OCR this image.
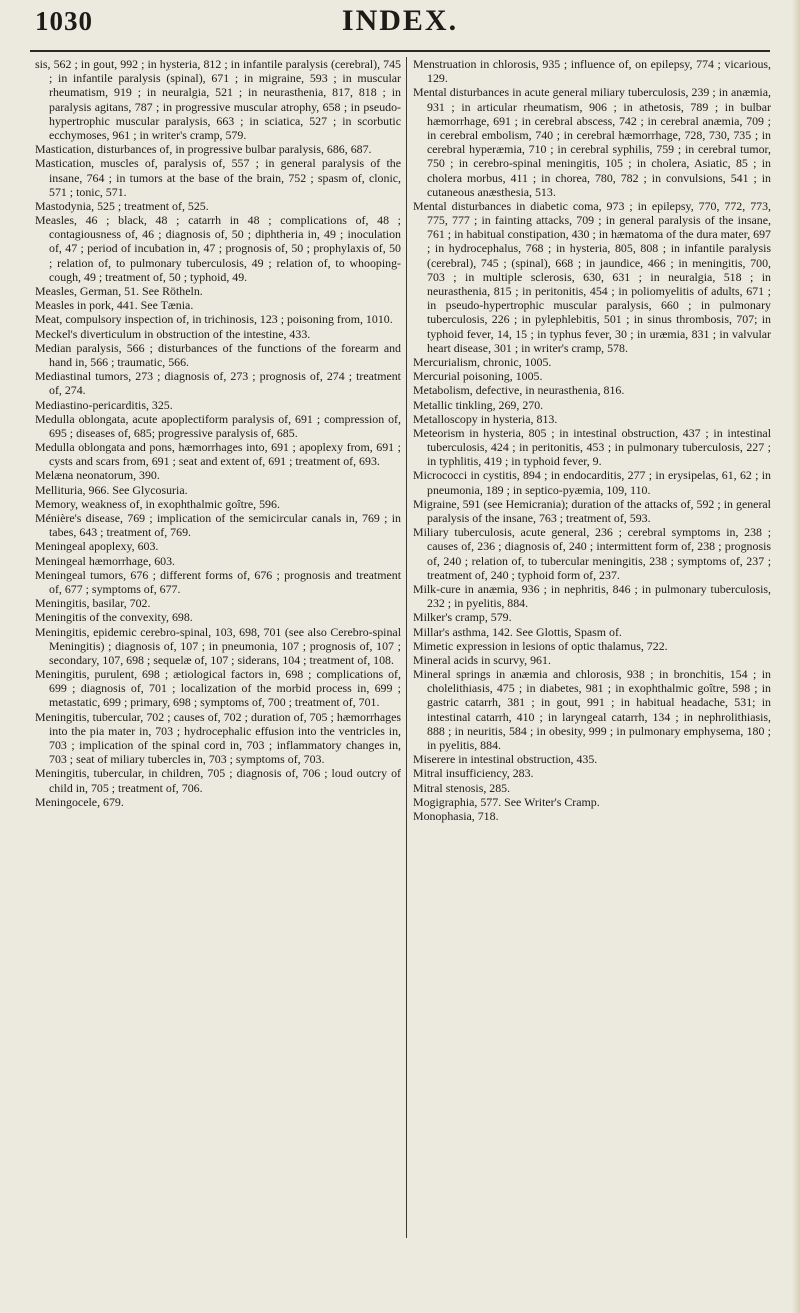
INDEX.
1030

sis, 562 ; in gout, 992 ; in hysteria, 812 ; in infantile paralysis (cerebral), 745 ; in infantile paralysis (spinal), 671 ; in migraine, 593 ; in muscular rheumatism, 919 ; in neuralgia, 521 ; in neurasthenia, 817, 818 ; in paralysis agitans, 787 ; in progressive muscular atrophy, 658 ; in pseudo-hypertrophic muscular paralysis, 663 ; in sciatica, 527 ; in scorbutic ecchymoses, 961 ; in writer's cramp, 579.

Mastication, disturbances of, in progressive bulbar paralysis, 686, 687.

Mastication, muscles of, paralysis of, 557 ; in general paralysis of the insane, 764 ; in tumors at the base of the brain, 752 ; spasm of, clonic, 571 ; tonic, 571.

Mastodynia, 525 ; treatment of, 525.

Measles, 46 ; black, 48 ; catarrh in 48 ; complications of, 48 ; contagiousness of, 46 ; diagnosis of, 50 ; diphtheria in, 49 ; inoculation of, 47 ; period of incubation in, 47 ; prognosis of, 50 ; prophylaxis of, 50 ; relation of, to pulmonary tuberculosis, 49 ; relation of, to whooping-cough, 49 ; treatment of, 50 ; typhoid, 49.

Measles, German, 51. See Rötheln.

Measles in pork, 441. See Tænia.

Meat, compulsory inspection of, in trichinosis, 123 ; poisoning from, 1010.

Meckel's diverticulum in obstruction of the intestine, 433.

Median paralysis, 566 ; disturbances of the functions of the forearm and hand in, 566 ; traumatic, 566.

Mediastinal tumors, 273 ; diagnosis of, 273 ; prognosis of, 274 ; treatment of, 274.

Mediastino-pericarditis, 325.

Medulla oblongata, acute apoplectiform paralysis of, 691 ; compression of, 695 ; diseases of, 685; progressive paralysis of, 685.

Medulla oblongata and pons, hæmorrhages into, 691 ; apoplexy from, 691 ; cysts and scars from, 691 ; seat and extent of, 691 ; treatment of, 693.

Melæna neonatorum, 390.

Mellituria, 966. See Glycosuria.

Memory, weakness of, in exophthalmic goître, 596.

Ménière's disease, 769 ; implication of the semicircular canals in, 769 ; in tabes, 643 ; treatment of, 769.

Meningeal apoplexy, 603.

Meningeal hæmorrhage, 603.

Meningeal tumors, 676 ; different forms of, 676 ; prognosis and treatment of, 677 ; symptoms of, 677.

Meningitis, basilar, 702.

Meningitis of the convexity, 698.

Meningitis, epidemic cerebro-spinal, 103, 698, 701 (see also Cerebro-spinal Meningitis) ; diagnosis of, 107 ; in pneumonia, 107 ; prognosis of, 107 ; secondary, 107, 698 ; sequelæ of, 107 ; siderans, 104 ; treatment of, 108.

Meningitis, purulent, 698 ; ætiological factors in, 698 ; complications of, 699 ; diagnosis of, 701 ; localization of the morbid process in, 699 ; metastatic, 699 ; primary, 698 ; symptoms of, 700 ; treatment of, 701.

Meningitis, tubercular, 702 ; causes of, 702 ; duration of, 705 ; hæmorrhages into the pia mater in, 703 ; hydrocephalic effusion into the ventricles in, 703 ; implication of the spinal cord in, 703 ; inflammatory changes in, 703 ; seat of miliary tubercles in, 703 ; symptoms of, 703.

Meningitis, tubercular, in children, 705 ; diagnosis of, 706 ; loud outcry of child in, 705 ; treatment of, 706.

Meningocele, 679.

Menstruation in chlorosis, 935 ; influence of, on epilepsy, 774 ; vicarious, 129.

Mental disturbances in acute general miliary tuberculosis, 239 ; in anæmia, 931 ; in articular rheumatism, 906 ; in athetosis, 789 ; in bulbar hæmorrhage, 691 ; in cerebral abscess, 742 ; in cerebral anæmia, 709 ; in cerebral embolism, 740 ; in cerebral hæmorrhage, 728, 730, 735 ; in cerebral hyperæmia, 710 ; in cerebral syphilis, 759 ; in cerebral tumor, 750 ; in cerebro-spinal meningitis, 105 ; in cholera, Asiatic, 85 ; in cholera morbus, 411 ; in chorea, 780, 782 ; in convulsions, 541 ; in cutaneous anæsthesia, 513.

Mental disturbances in diabetic coma, 973 ; in epilepsy, 770, 772, 773, 775, 777 ; in fainting attacks, 709 ; in general paralysis of the insane, 761 ; in habitual constipation, 430 ; in hæmatoma of the dura mater, 697 ; in hydrocephalus, 768 ; in hysteria, 805, 808 ; in infantile paralysis (cerebral), 745 ; (spinal), 668 ; in jaundice, 466 ; in meningitis, 700, 703 ; in multiple sclerosis, 630, 631 ; in neuralgia, 518 ; in neurasthenia, 815 ; in peritonitis, 454 ; in poliomyelitis of adults, 671 ; in pseudo-hypertrophic muscular paralysis, 660 ; in pulmonary tuberculosis, 226 ; in pylephlebitis, 501 ; in sinus thrombosis, 707; in typhoid fever, 14, 15 ; in typhus fever, 30 ; in uræmia, 831 ; in valvular heart disease, 301 ; in writer's cramp, 578.

Mercurialism, chronic, 1005.

Mercurial poisoning, 1005.

Metabolism, defective, in neurasthenia, 816.

Metallic tinkling, 269, 270.

Metalloscopy in hysteria, 813.

Meteorism in hysteria, 805 ; in intestinal obstruction, 437 ; in intestinal tuberculosis, 424 ; in peritonitis, 453 ; in pulmonary tuberculosis, 227 ; in typhlitis, 419 ; in typhoid fever, 9.

Micrococci in cystitis, 894 ; in endocarditis, 277 ; in erysipelas, 61, 62 ; in pneumonia, 189 ; in septico-pyæmia, 109, 110.

Migraine, 591 (see Hemicrania); duration of the attacks of, 592 ; in general paralysis of the insane, 763 ; treatment of, 593.

Miliary tuberculosis, acute general, 236 ; cerebral symptoms in, 238 ; causes of, 236 ; diagnosis of, 240 ; intermittent form of, 238 ; prognosis of, 240 ; relation of, to tubercular meningitis, 238 ; symptoms of, 237 ; treatment of, 240 ; typhoid form of, 237.

Milk-cure in anæmia, 936 ; in nephritis, 846 ; in pulmonary tuberculosis, 232 ; in pyelitis, 884.

Milker's cramp, 579.

Millar's asthma, 142. See Glottis, Spasm of.

Mimetic expression in lesions of optic thalamus, 722.

Mineral acids in scurvy, 961.

Mineral springs in anæmia and chlorosis, 938 ; in bronchitis, 154 ; in cholelithiasis, 475 ; in diabetes, 981 ; in exophthalmic goître, 598 ; in gastric catarrh, 381 ; in gout, 991 ; in habitual headache, 531; in intestinal catarrh, 410 ; in laryngeal catarrh, 134 ; in nephrolithiasis, 888 ; in neuritis, 584 ; in obesity, 999 ; in pulmonary emphysema, 180 ; in pyelitis, 884.

Miserere in intestinal obstruction, 435.

Mitral insufficiency, 283.

Mitral stenosis, 285.

Mogigraphia, 577. See Writer's Cramp.

Monophasia, 718.
